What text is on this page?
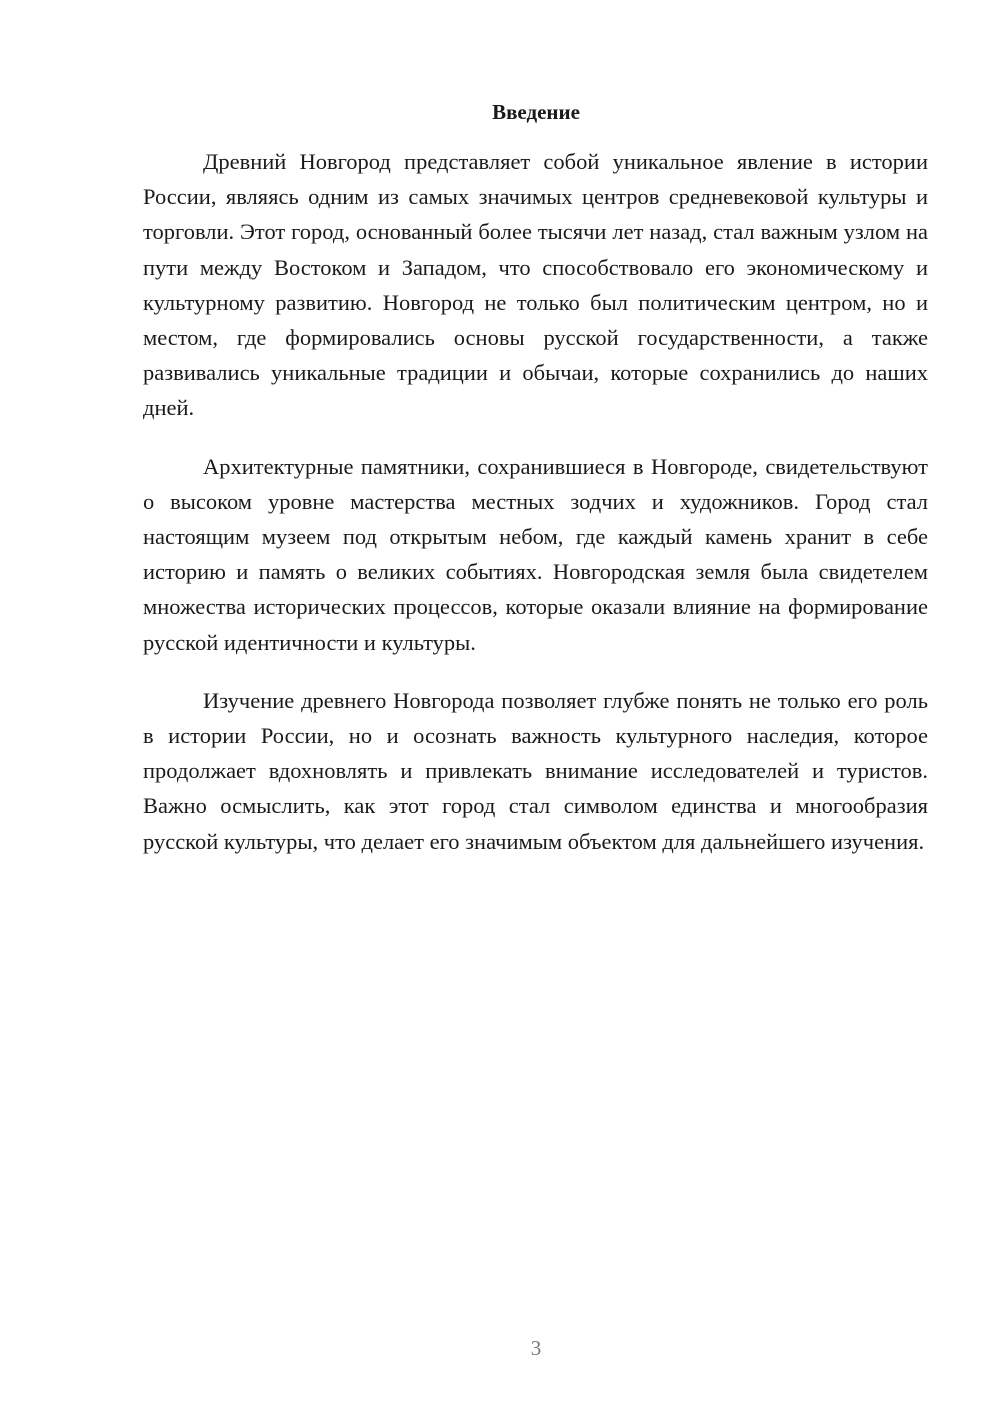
Введение

Древний Новгород представляет собой уникальное явление в истории России, являясь одним из самых значимых центров средневековой культуры и торговли. Этот город, основанный более тысячи лет назад, стал важным узлом на пути между Востоком и Западом, что способствовало его экономическому и культурному развитию. Новгород не только был политическим центром, но и местом, где формировались основы русской государственности, а также развивались уникальные традиции и обычаи, которые сохранились до наших дней.

Архитектурные памятники, сохранившиеся в Новгороде, свидетельствуют о высоком уровне мастерства местных зодчих и художников. Город стал настоящим музеем под открытым небом, где каждый камень хранит в себе историю и память о великих событиях. Новгородская земля была свидетелем множества исторических процессов, которые оказали влияние на формирование русской идентичности и культуры.

Изучение древнего Новгорода позволяет глубже понять не только его роль в истории России, но и осознать важность культурного наследия, которое продолжает вдохновлять и привлекать внимание исследователей и туристов. Важно осмыслить, как этот город стал символом единства и многообразия русской культуры, что делает его значимым объектом для дальнейшего изучения.

3
